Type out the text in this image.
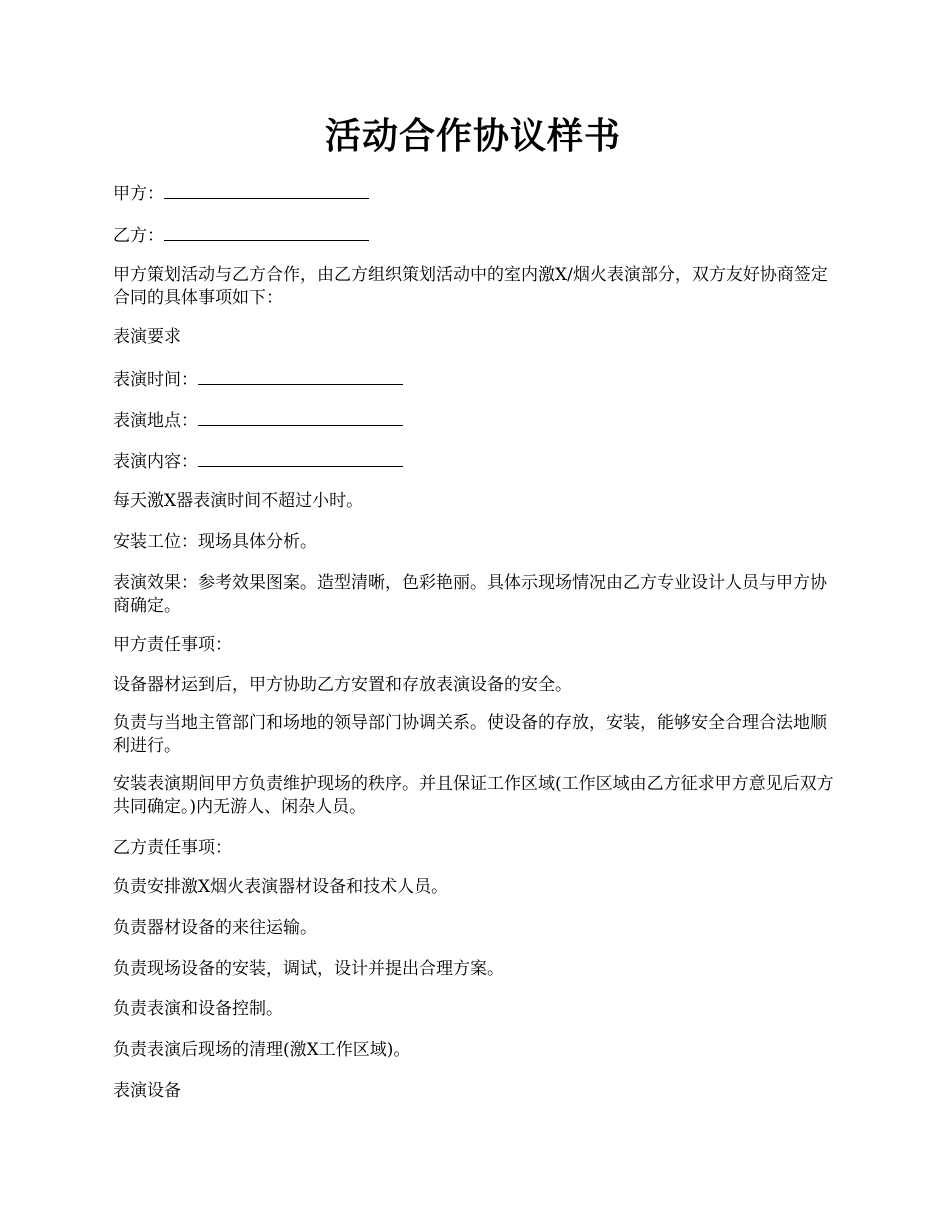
活动合作协议样书

甲方：

乙方：

甲方策划活动与乙方合作，由乙方组织策划活动中的室内激X/烟火表演部分，双方友好协商签定合同的具体事项如下：

表演要求

表演时间：

表演地点：

表演内容：

每天激X器表演时间不超过小时。

安装工位：现场具体分析。

表演效果：参考效果图案。造型清晰，色彩艳丽。具体示现场情况由乙方专业设计人员与甲方协商确定。

甲方责任事项：

设备器材运到后，甲方协助乙方安置和存放表演设备的安全。

负责与当地主管部门和场地的领导部门协调关系。使设备的存放，安装，能够安全合理合法地顺利进行。

安装表演期间甲方负责维护现场的秩序。并且保证工作区域(工作区域由乙方征求甲方意见后双方共同确定。)内无游人、闲杂人员。

乙方责任事项：

负责安排激X烟火表演器材设备和技术人员。

负责器材设备的来往运输。

负责现场设备的安装，调试，设计并提出合理方案。

负责表演和设备控制。

负责表演后现场的清理(激X工作区域)。

表演设备
